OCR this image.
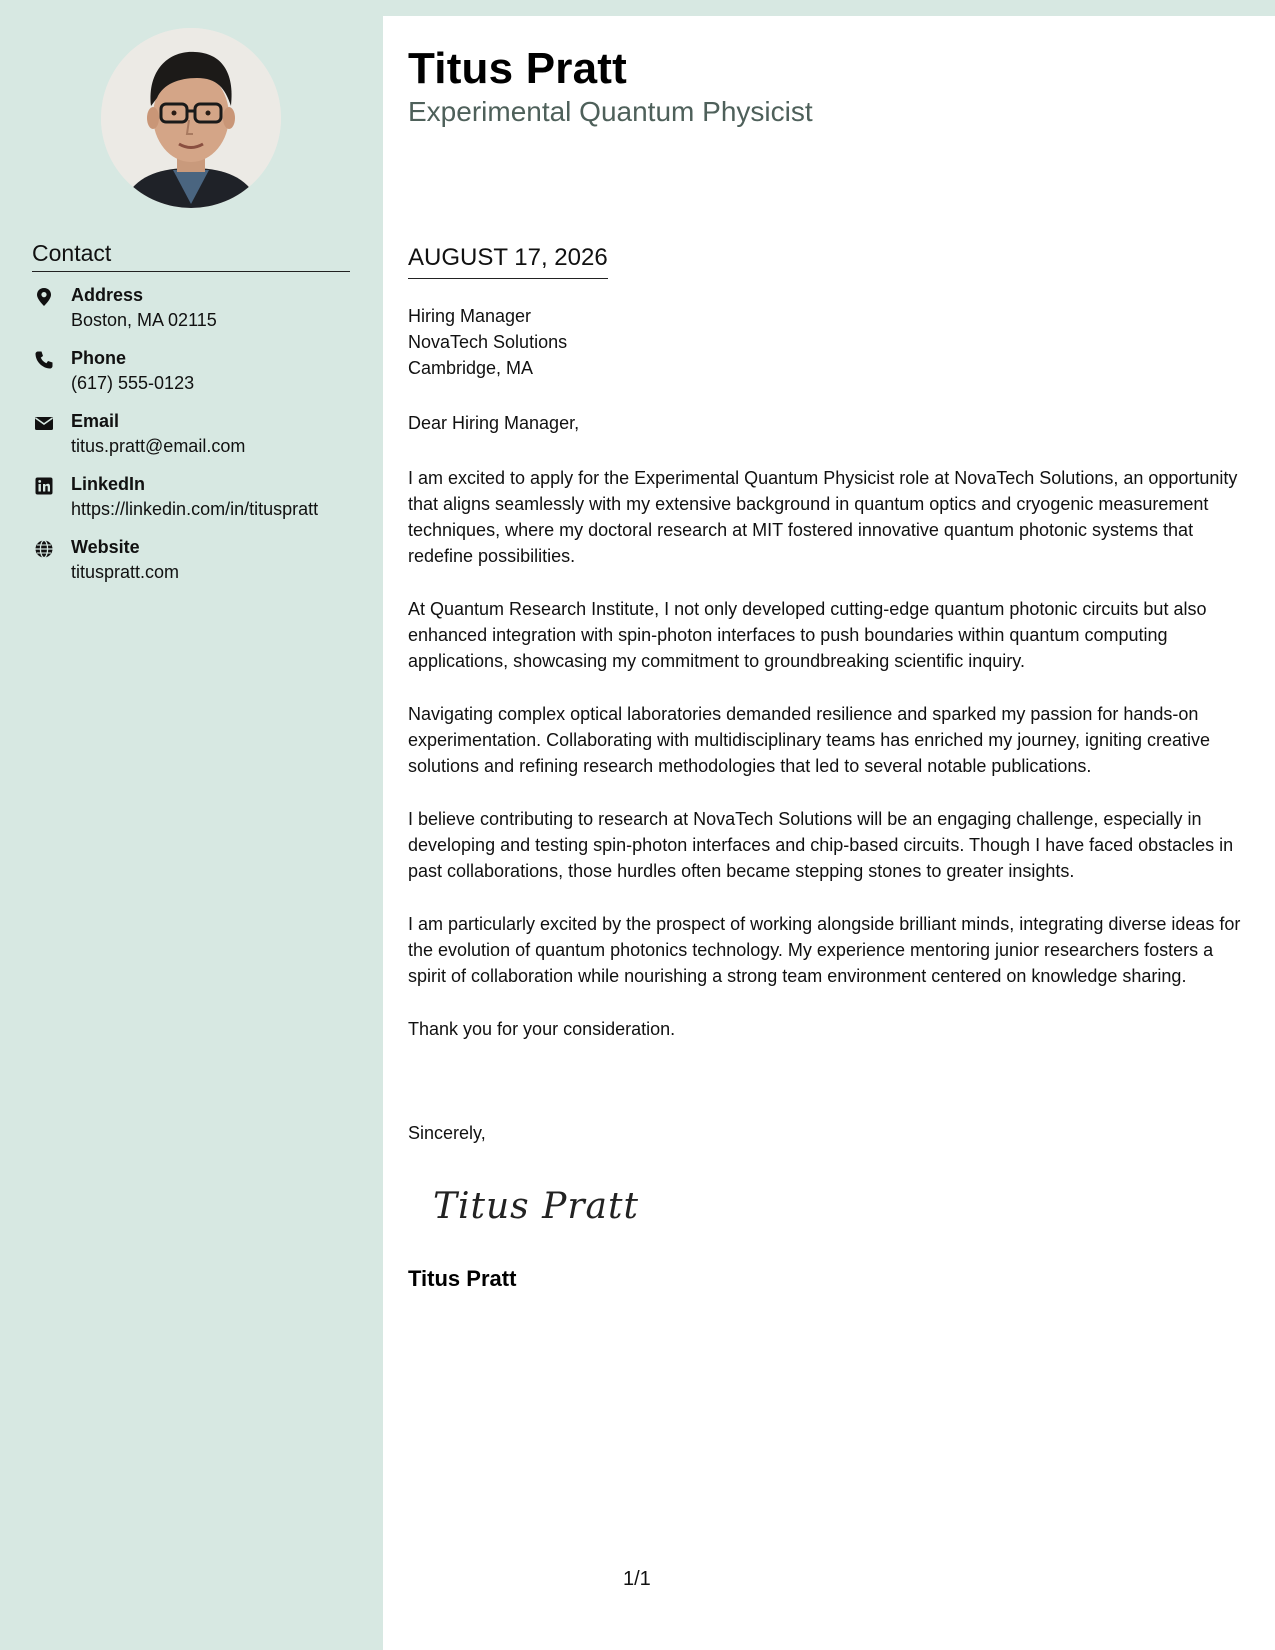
Contact
Address
Boston, MA 02115
Phone
(617) 555-0123
Email
titus.pratt@email.com
LinkedIn
https://linkedin.com/in/tituspratt
Website
tituspratt.com
Titus Pratt
Experimental Quantum Physicist
AUGUST 17, 2026
Hiring Manager
NovaTech Solutions
Cambridge, MA
Dear Hiring Manager,

I am excited to apply for the Experimental Quantum Physicist role at NovaTech Solutions, an opportunity that aligns seamlessly with my extensive background in quantum optics and cryogenic measurement techniques, where my doctoral research at MIT fostered innovative quantum photonic systems that redefine possibilities.

At Quantum Research Institute, I not only developed cutting-edge quantum photonic circuits but also enhanced integration with spin-photon interfaces to push boundaries within quantum computing applications, showcasing my commitment to groundbreaking scientific inquiry.

Navigating complex optical laboratories demanded resilience and sparked my passion for hands-on experimentation. Collaborating with multidisciplinary teams has enriched my journey, igniting creative solutions and refining research methodologies that led to several notable publications.

I believe contributing to research at NovaTech Solutions will be an engaging challenge, especially in developing and testing spin-photon interfaces and chip-based circuits. Though I have faced obstacles in past collaborations, those hurdles often became stepping stones to greater insights.

I am particularly excited by the prospect of working alongside brilliant minds, integrating diverse ideas for the evolution of quantum photonics technology. My experience mentoring junior researchers fosters a spirit of collaboration while nourishing a strong team environment centered on knowledge sharing.

Thank you for your consideration.

Sincerely,
Titus Pratt
Titus Pratt
1/1
